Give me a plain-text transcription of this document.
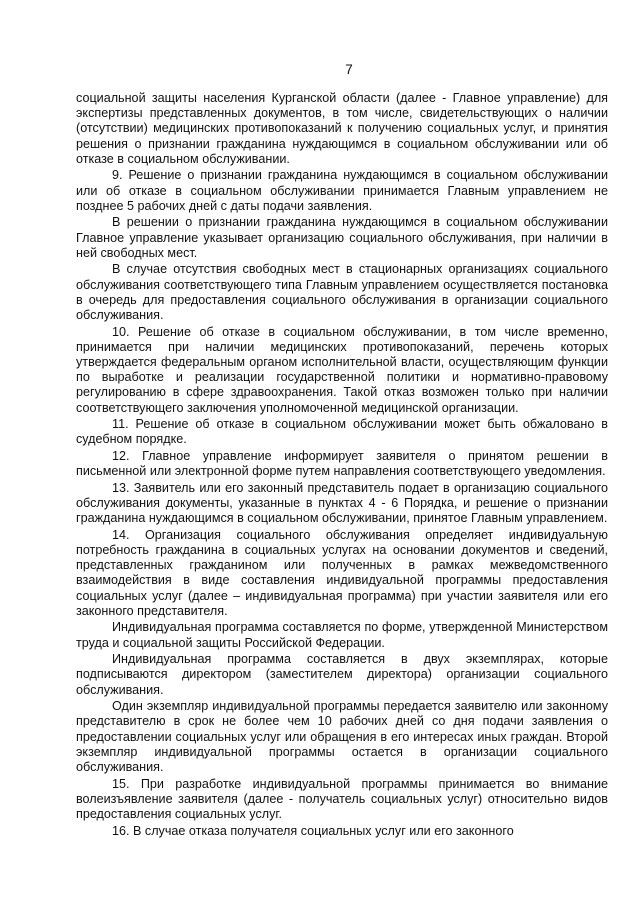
7

социальной защиты населения Курганской области (далее - Главное управление) для экспертизы представленных документов, в том числе, свидетельствующих о наличии (отсутствии) медицинских противопоказаний к получению социальных услуг, и принятия решения о признании гражданина нуждающимся в социальном обслуживании или об отказе в социальном обслуживании.

9. Решение о признании гражданина нуждающимся в социальном обслуживании или об отказе в социальном обслуживании принимается Главным управлением не позднее 5 рабочих дней с даты подачи заявления.

В решении о признании гражданина нуждающимся в социальном обслуживании Главное управление указывает организацию социального обслуживания, при наличии в ней свободных мест.

В случае отсутствия свободных мест в стационарных организациях социального обслуживания соответствующего типа Главным управлением осуществляется постановка в очередь для предоставления социального обслуживания в организации социального обслуживания.

10. Решение об отказе в социальном обслуживании, в том числе временно, принимается при наличии медицинских противопоказаний, перечень которых утверждается федеральным органом исполнительной власти, осуществляющим функции по выработке и реализации государственной политики и нормативно-правовому регулированию в сфере здравоохранения. Такой отказ возможен только при наличии соответствующего заключения уполномоченной медицинской организации.

11. Решение об отказе в социальном обслуживании может быть обжаловано в судебном порядке.

12. Главное управление информирует заявителя о принятом решении в письменной или электронной форме путем направления соответствующего уведомления.

13. Заявитель или его законный представитель подает в организацию социального обслуживания документы, указанные в пунктах 4 - 6 Порядка, и решение о признании гражданина нуждающимся в социальном обслуживании, принятое Главным управлением.

14. Организация социального обслуживания определяет индивидуальную потребность гражданина в социальных услугах на основании документов и сведений, представленных гражданином или полученных в рамках межведомственного взаимодействия в виде составления индивидуальной программы предоставления социальных услуг (далее – индивидуальная программа) при участии заявителя или его законного представителя.

Индивидуальная программа составляется по форме, утвержденной Министерством труда и социальной защиты Российской Федерации.

Индивидуальная программа составляется в двух экземплярах, которые подписываются директором (заместителем директора) организации социального обслуживания.

Один экземпляр индивидуальной программы передается заявителю или законному представителю в срок не более чем 10 рабочих дней со дня подачи заявления о предоставлении социальных услуг или обращения в его интересах иных граждан. Второй экземпляр индивидуальной программы остается в организации социального обслуживания.

15. При разработке индивидуальной программы принимается во внимание волеизъявление заявителя (далее - получатель социальных услуг) относительно видов предоставления социальных услуг.

16. В случае отказа получателя социальных услуг или его законного
